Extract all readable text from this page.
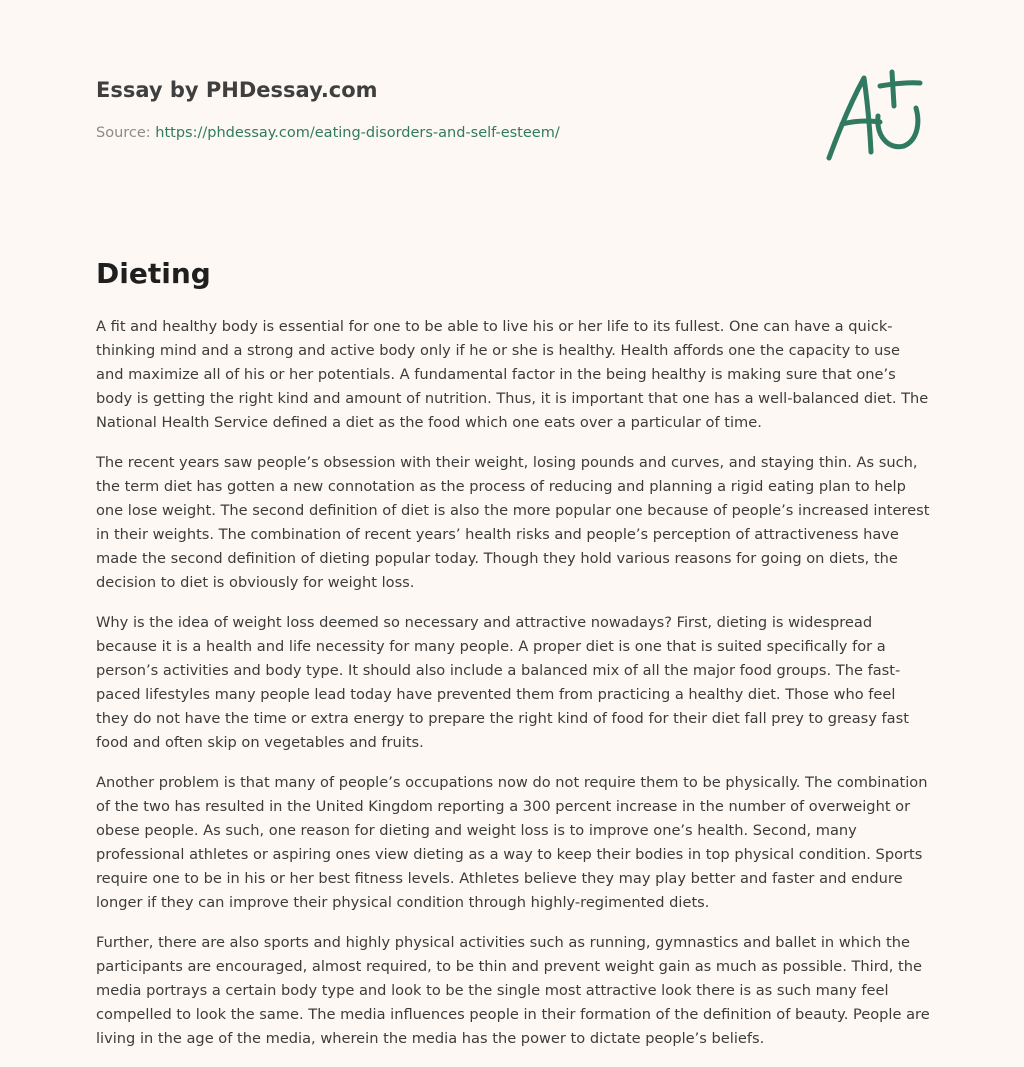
Essay by PHDessay.com
Source: https://phdessay.com/eating-disorders-and-self-esteem/
Dieting

A fit and healthy body is essential for one to be able to live his or her life to its fullest. One can have a quick-thinking mind and a strong and active body only if he or she is healthy. Health affords one the capacity to use and maximize all of his or her potentials. A fundamental factor in the being healthy is making sure that one’s body is getting the right kind and amount of nutrition. Thus, it is important that one has a well-balanced diet. The National Health Service defined a diet as the food which one eats over a particular of time.

The recent years saw people’s obsession with their weight, losing pounds and curves, and staying thin. As such, the term diet has gotten a new connotation as the process of reducing and planning a rigid eating plan to help one lose weight. The second definition of diet is also the more popular one because of people’s increased interest in their weights. The combination of recent years’ health risks and people’s perception of attractiveness have made the second definition of dieting popular today. Though they hold various reasons for going on diets, the decision to diet is obviously for weight loss.

Why is the idea of weight loss deemed so necessary and attractive nowadays? First, dieting is widespread because it is a health and life necessity for many people. A proper diet is one that is suited specifically for a person’s activities and body type. It should also include a balanced mix of all the major food groups. The fast-paced lifestyles many people lead today have prevented them from practicing a healthy diet. Those who feel they do not have the time or extra energy to prepare the right kind of food for their diet fall prey to greasy fast food and often skip on vegetables and fruits.

Another problem is that many of people’s occupations now do not require them to be physically. The combination of the two has resulted in the United Kingdom reporting a 300 percent increase in the number of overweight or obese people. As such, one reason for dieting and weight loss is to improve one’s health. Second, many professional athletes or aspiring ones view dieting as a way to keep their bodies in top physical condition. Sports require one to be in his or her best fitness levels. Athletes believe they may play better and faster and endure longer if they can improve their physical condition through highly-regimented diets.

Further, there are also sports and highly physical activities such as running, gymnastics and ballet in which the participants are encouraged, almost required, to be thin and prevent weight gain as much as possible. Third, the media portrays a certain body type and look to be the single most attractive look there is as such many feel compelled to look the same. The media influences people in their formation of the definition of beauty. People are living in the age of the media, wherein the media has the power to dictate people’s beliefs.
